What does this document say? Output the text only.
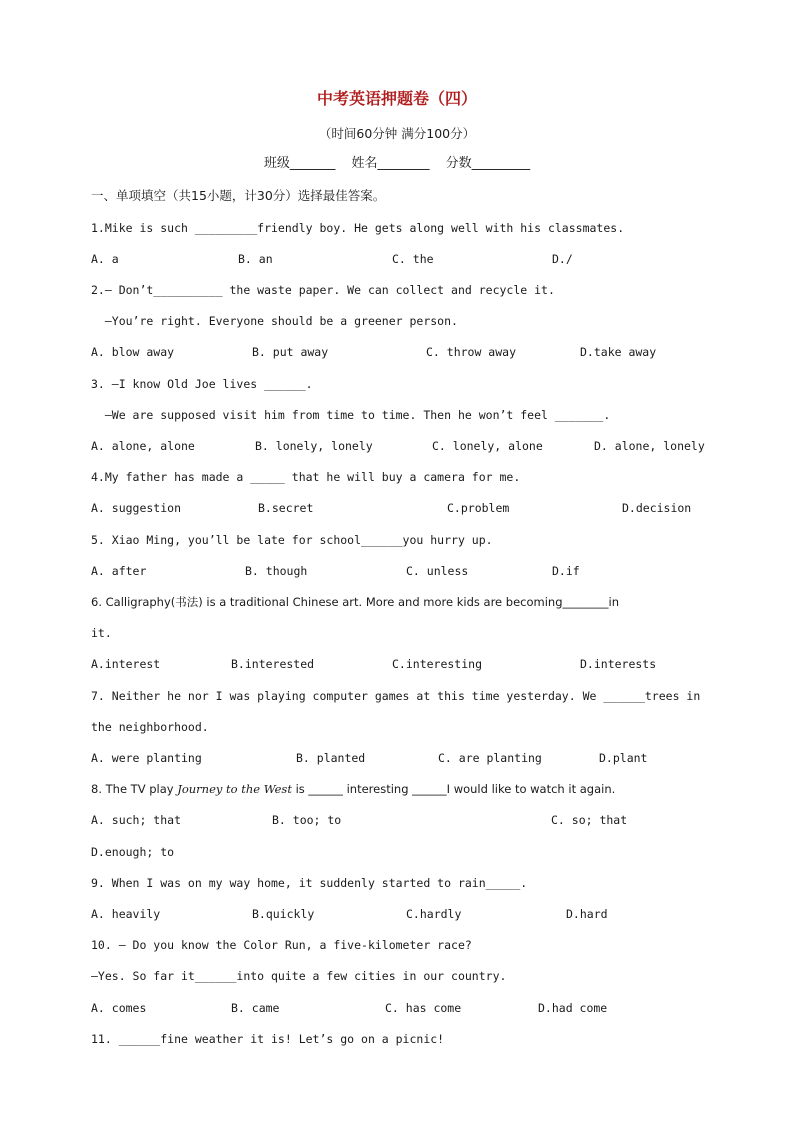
中考英语押题卷（四）
（时间60分钟 满分100分）
班级_______ 姓名________ 分数_________
一、单项填空（共15小题，计30分）选择最佳答案。
1.Mike is such _________friendly boy. He gets along well with his classmates.
A. a	B. an	C. the	D./
2.— Don’t__________ the waste paper. We can collect and recycle it.
—You’re right. Everyone should be a greener person.
A. blow away	B. put away	C. throw away	D.take away
3. —I know Old Joe lives ______.
—We are supposed visit him from time to time. Then he won’t feel _______.
A. alone, alone	B. lonely, lonely	C. lonely, alone	D. alone, lonely
4.My father has made a _____ that he will buy a camera for me.
A. suggestion	B.secret	C.problem	D.decision
5. Xiao Ming, you’ll be late for school______you hurry up.
A. after	B. though	C. unless	D.if
6. Calligraphy(书法) is a traditional Chinese art. More and more kids are becoming________in
it.
A.interest	B.interested	C.interesting	D.interests
7. Neither he nor I was playing computer games at this time yesterday. We ______trees in
the neighborhood.
A. were planting	B. planted	C. are planting	D.plant
8. The TV play Journey to the West is ______ interesting ______I would like to watch it again.
A. such; that	B. too; to	C. so; that
D.enough; to
9. When I was on my way home, it suddenly started to rain_____.
A. heavily	B.quickly	C.hardly	D.hard
10. — Do you know the Color Run, a five-kilometer race?
—Yes. So far it______into quite a few cities in our country.
A. comes	B. came	C. has come	D.had come
11. ______fine weather it is! Let’s go on a picnic!
